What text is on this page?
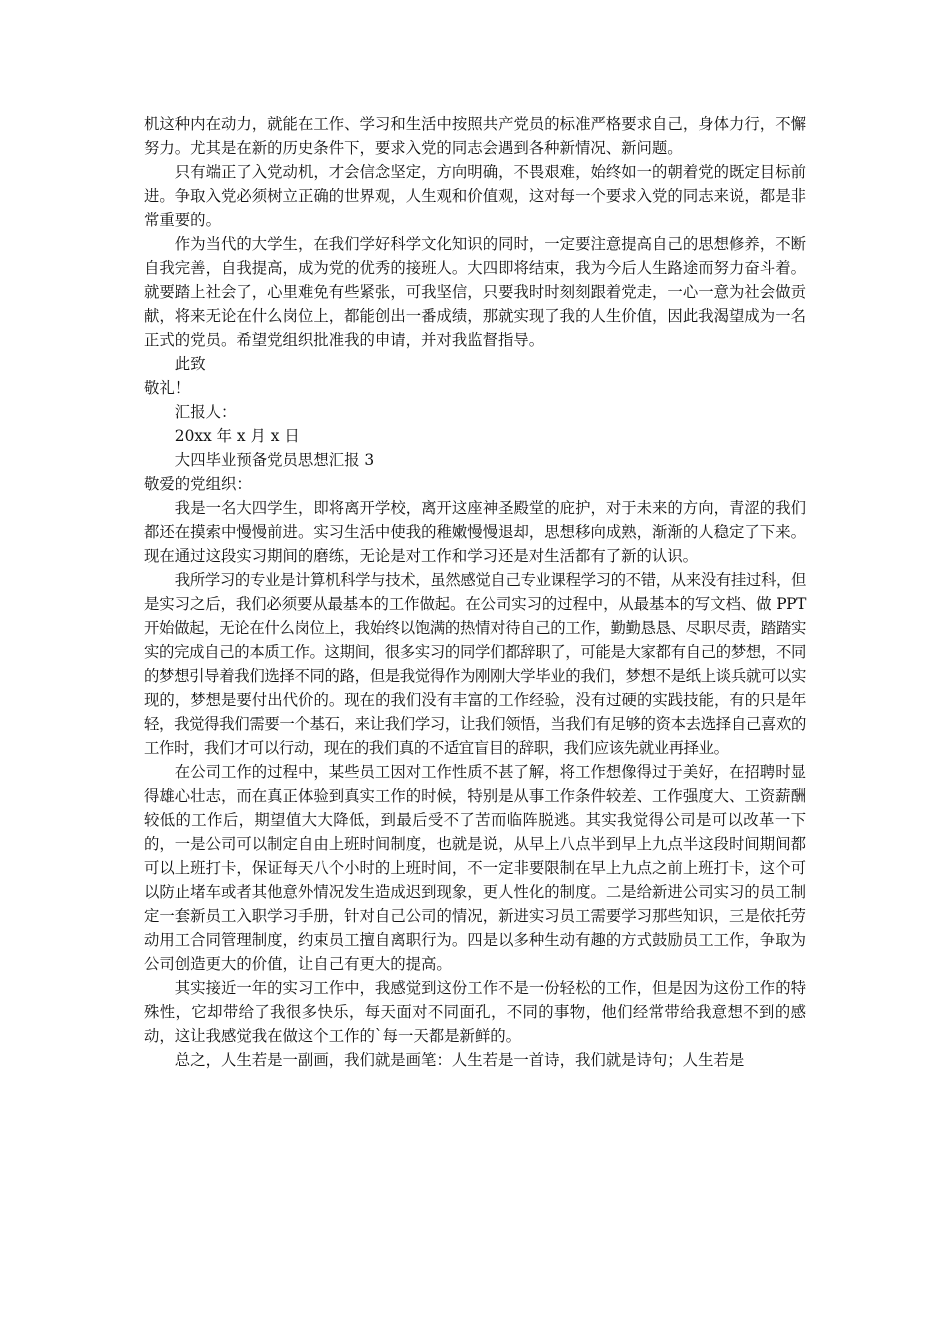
机这种内在动力，就能在工作、学习和生活中按照共产党员的标准严格要求自己，身体力行，不懈努力。尤其是在新的历史条件下，要求入党的同志会遇到各种新情况、新问题。

只有端正了入党动机，才会信念坚定，方向明确，不畏艰难，始终如一的朝着党的既定目标前进。争取入党必须树立正确的世界观，人生观和价值观，这对每一个要求入党的同志来说，都是非常重要的。

作为当代的大学生，在我们学好科学文化知识的同时，一定要注意提高自己的思想修养，不断自我完善，自我提高，成为党的优秀的接班人。大四即将结束，我为今后人生路途而努力奋斗着。就要踏上社会了，心里难免有些紧张，可我坚信，只要我时时刻刻跟着党走，一心一意为社会做贡献，将来无论在什么岗位上，都能创出一番成绩，那就实现了我的人生价值，因此我渴望成为一名正式的党员。希望党组织批准我的申请，并对我监督指导。

此致

敬礼！

汇报人：

20xx 年 x 月 x 日

大四毕业预备党员思想汇报 3

敬爱的党组织：

我是一名大四学生，即将离开学校，离开这座神圣殿堂的庇护，对于未来的方向，青涩的我们都还在摸索中慢慢前进。实习生活中使我的稚嫩慢慢退却，思想移向成熟，渐渐的人稳定了下来。现在通过这段实习期间的磨练，无论是对工作和学习还是对生活都有了新的认识。

我所学习的专业是计算机科学与技术，虽然感觉自己专业课程学习的不错，从来没有挂过科，但是实习之后，我们必须要从最基本的工作做起。在公司实习的过程中，从最基本的写文档、做 PPT 开始做起，无论在什么岗位上，我始终以饱满的热情对待自己的工作，勤勤恳恳、尽职尽责，踏踏实实的完成自己的本质工作。这期间，很多实习的同学们都辞职了，可能是大家都有自己的梦想，不同的梦想引导着我们选择不同的路，但是我觉得作为刚刚大学毕业的我们，梦想不是纸上谈兵就可以实现的，梦想是要付出代价的。现在的我们没有丰富的工作经验，没有过硬的实践技能，有的只是年轻，我觉得我们需要一个基石，来让我们学习，让我们领悟，当我们有足够的资本去选择自己喜欢的工作时，我们才可以行动，现在的我们真的不适宜盲目的辞职，我们应该先就业再择业。

在公司工作的过程中，某些员工因对工作性质不甚了解，将工作想像得过于美好，在招聘时显得雄心壮志，而在真正体验到真实工作的时候，特别是从事工作条件较差、工作强度大、工资薪酬较低的工作后，期望值大大降低，到最后受不了苦而临阵脱逃。其实我觉得公司是可以改革一下的，一是公司可以制定自由上班时间制度，也就是说，从早上八点半到早上九点半这段时间期间都可以上班打卡，保证每天八个小时的上班时间，不一定非要限制在早上九点之前上班打卡，这个可以防止堵车或者其他意外情况发生造成迟到现象，更人性化的制度。二是给新进公司实习的员工制定一套新员工入职学习手册，针对自己公司的情况，新进实习员工需要学习那些知识，三是依托劳动用工合同管理制度，约束员工擅自离职行为。四是以多种生动有趣的方式鼓励员工工作，争取为公司创造更大的价值，让自己有更大的提高。

其实接近一年的实习工作中，我感觉到这份工作不是一份轻松的工作，但是因为这份工作的特殊性，它却带给了我很多快乐，每天面对不同面孔，不同的事物，他们经常带给我意想不到的感动，这让我感觉我在做这个工作的`每一天都是新鲜的。

总之，人生若是一副画，我们就是画笔：人生若是一首诗，我们就是诗句；人生若是
